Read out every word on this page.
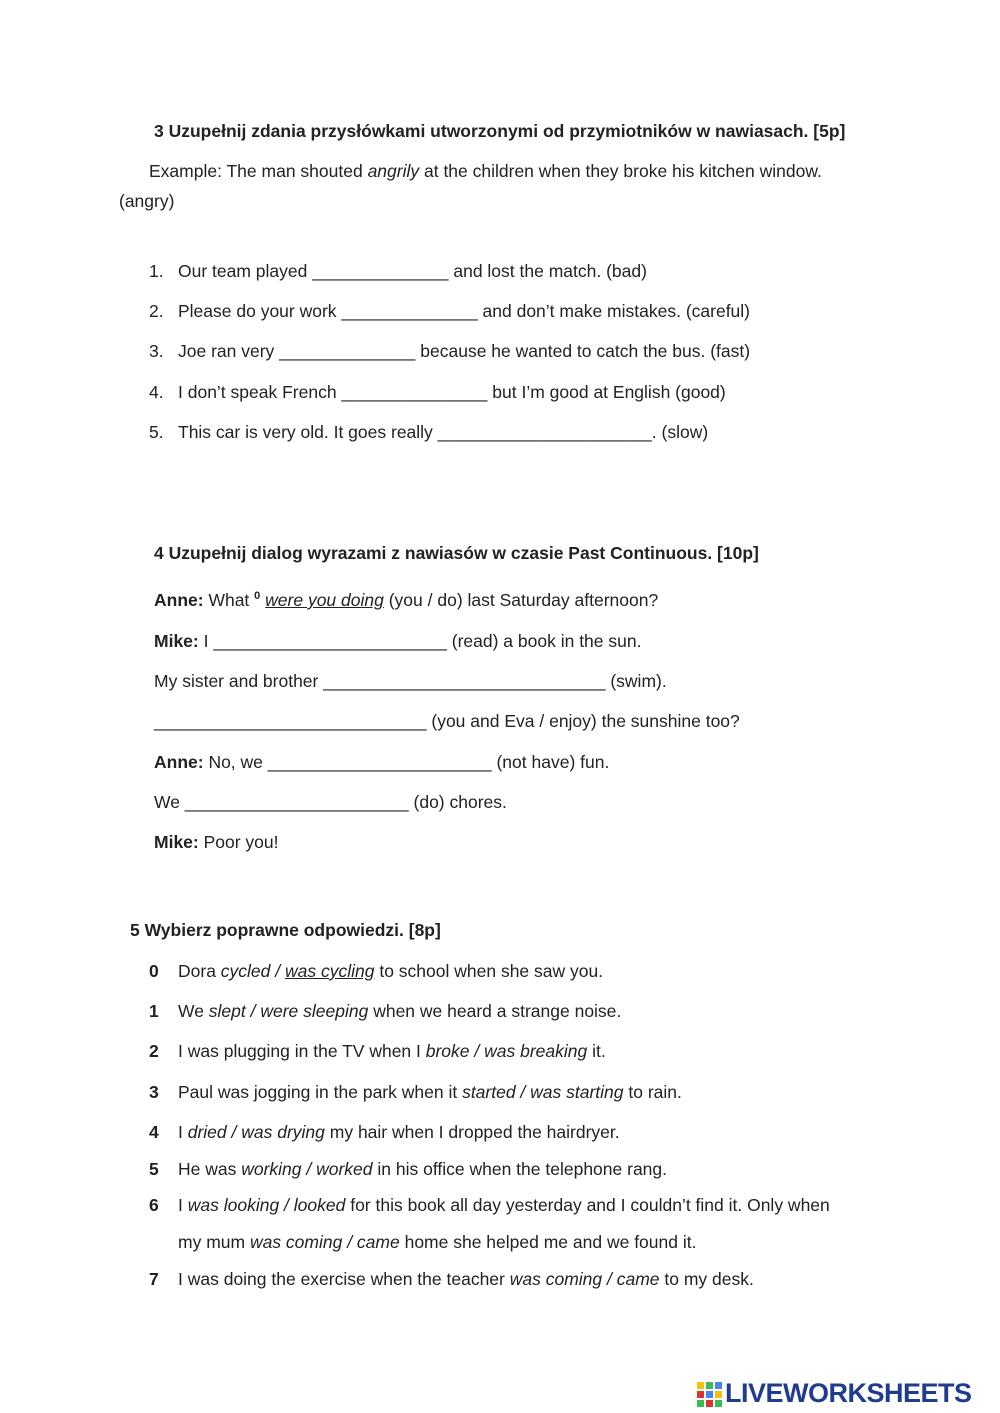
3 Uzupełnij zdania przysłówkami utworzonymi od przymiotników w nawiasach. [5p]
Example: The man shouted angrily at the children when they broke his kitchen window.
(angry)
1. Our team played ______________ and lost the match. (bad)
2. Please do your work ______________ and don’t make mistakes. (careful)
3. Joe ran very ______________ because he wanted to catch the bus. (fast)
4. I don’t speak French _______________ but I’m good at English (good)
5. This car is very old. It goes really ______________________. (slow)
4 Uzupełnij dialog wyrazami z nawiasów w czasie Past Continuous. [10p]
Anne: What $^0$ were you doing (you / do) last Saturday afternoon?
Mike: I ________________________ (read) a book in the sun.
My sister and brother _____________________________ (swim).
____________________________ (you and Eva / enjoy) the sunshine too?
Anne: No, we _______________________ (not have) fun.
We _______________________ (do) chores.
Mike: Poor you!
5 Wybierz poprawne odpowiedzi. [8p]
0 Dora cycled / was cycling to school when she saw you.
1 We slept / were sleeping when we heard a strange noise.
2 I was plugging in the TV when I broke / was breaking it.
3 Paul was jogging in the park when it started / was starting to rain.
4 I dried / was drying my hair when I dropped the hairdryer.
5 He was working / worked in his office when the telephone rang.
6 I was looking / looked for this book all day yesterday and I couldn’t find it. Only when
my mum was coming / came home she helped me and we found it.
7 I was doing the exercise when the teacher was coming / came to my desk.
LIVEWORKSHEETS
